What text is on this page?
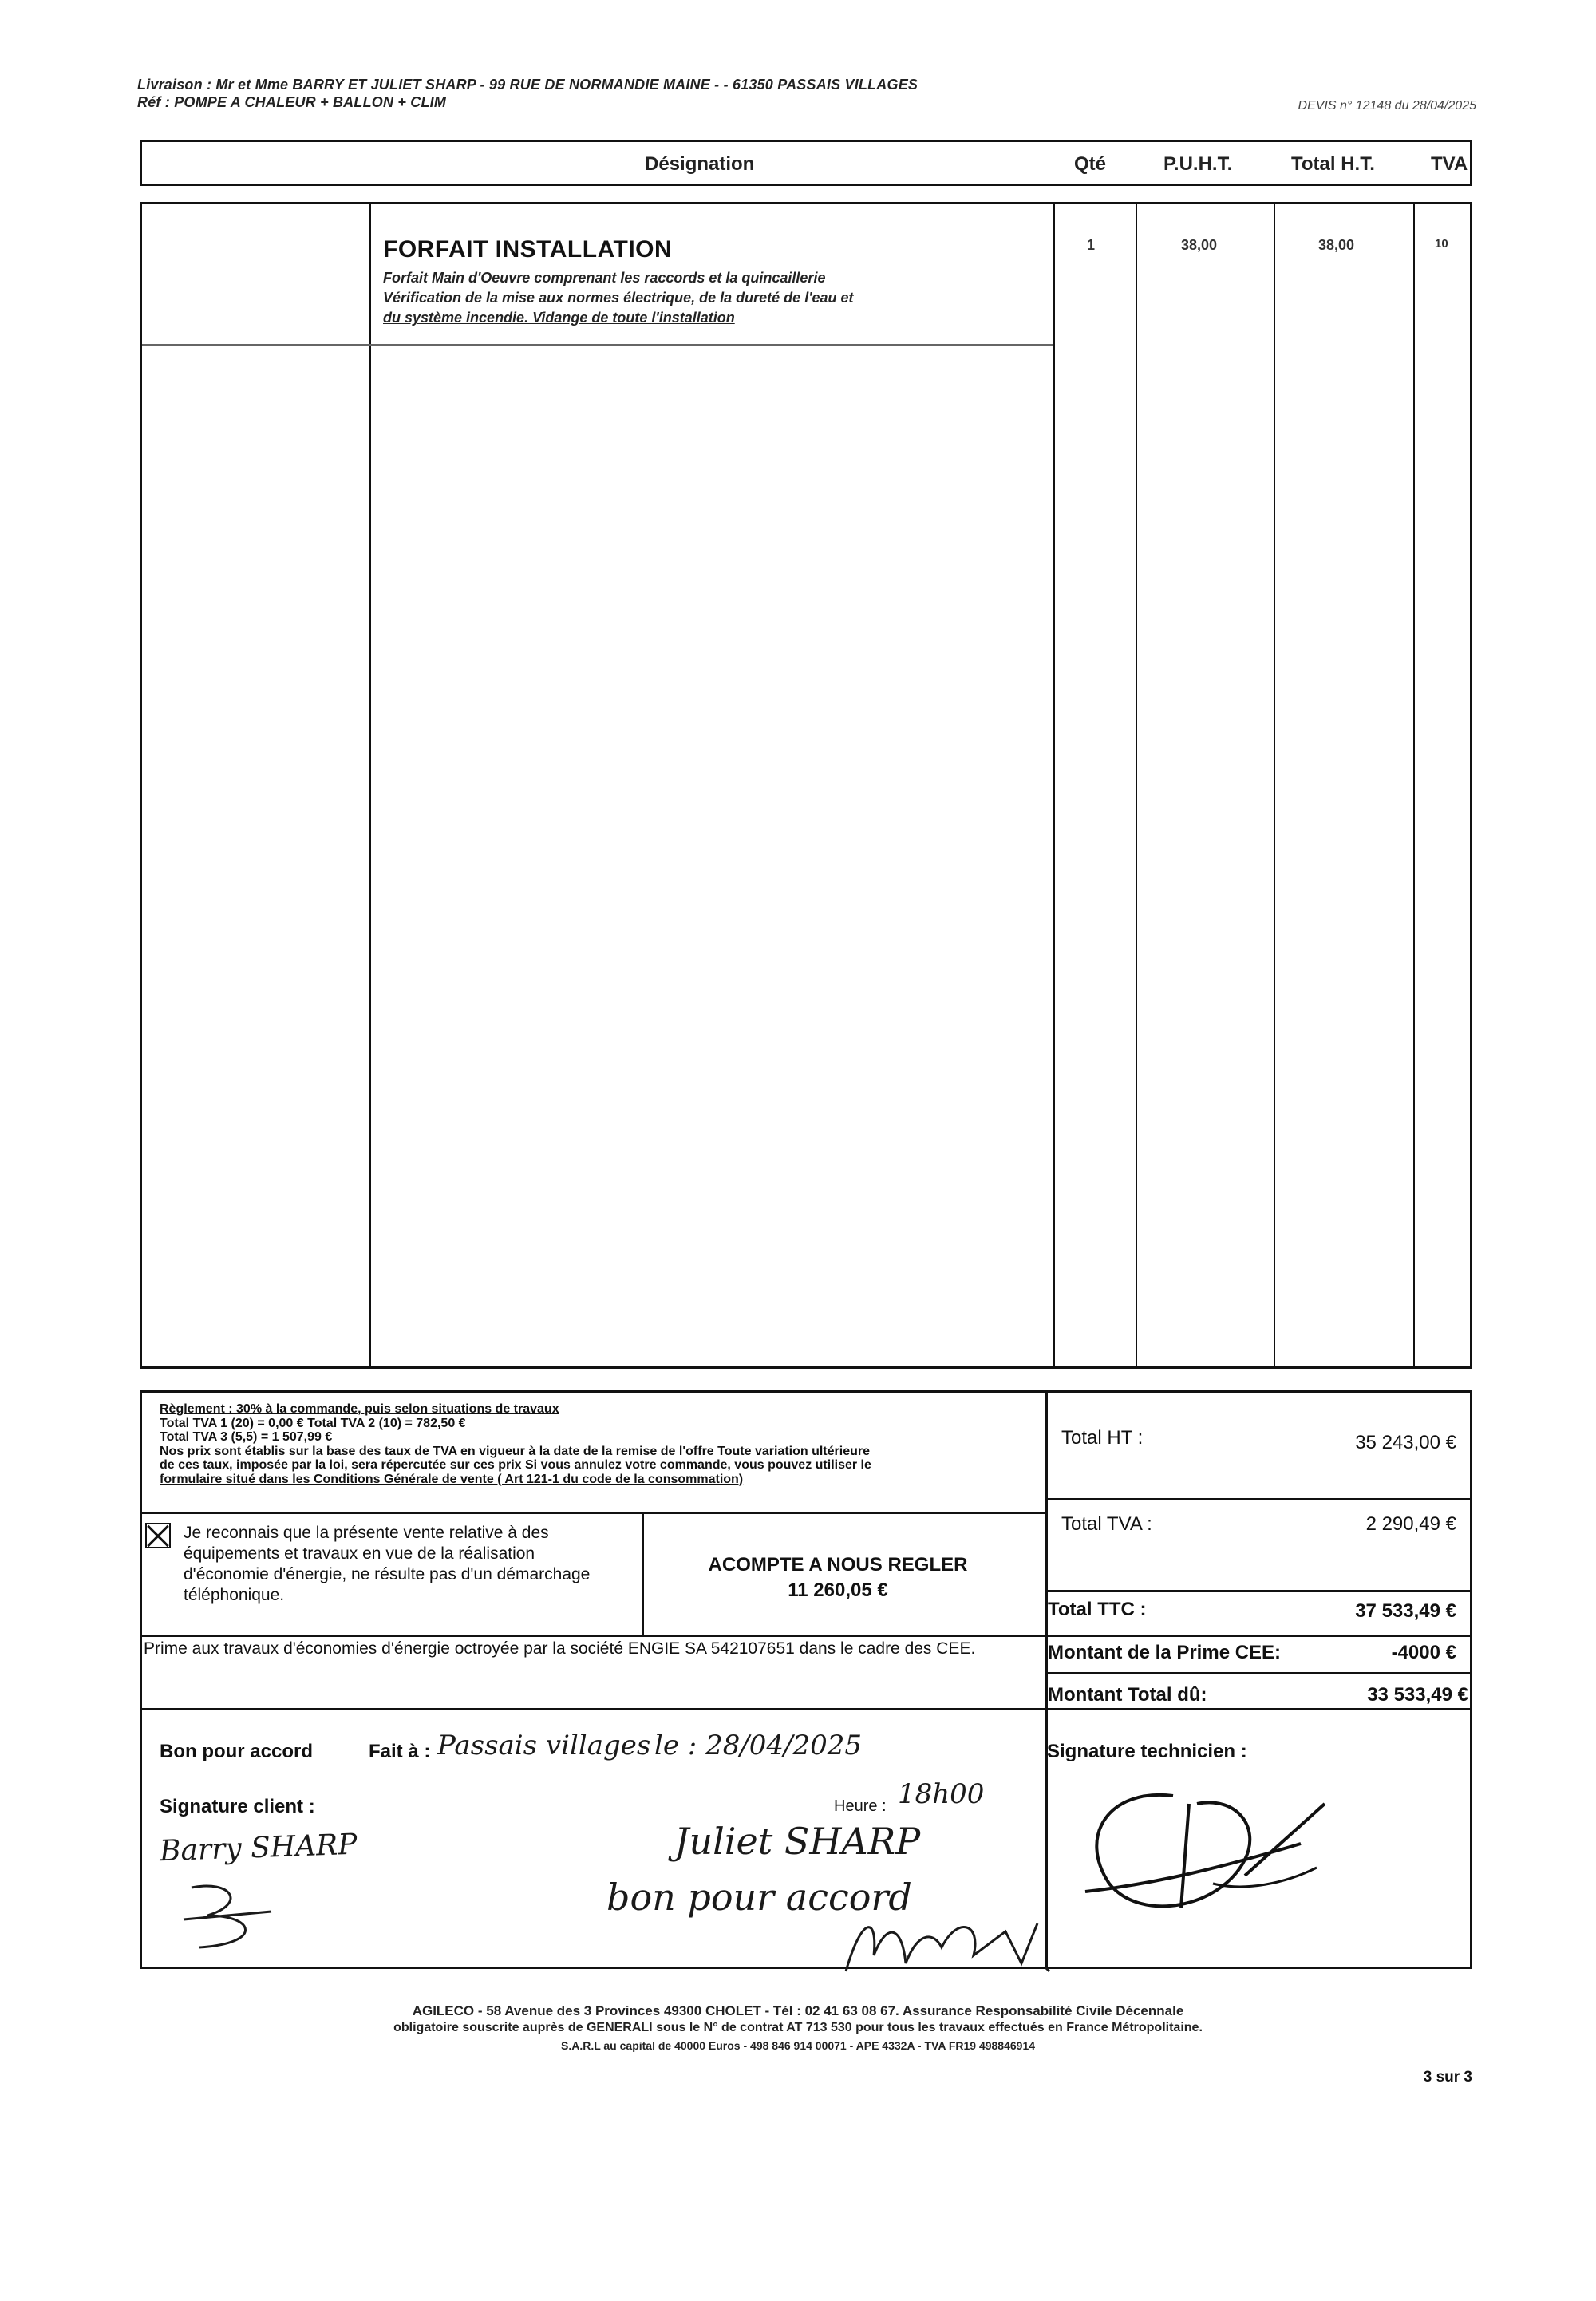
Livraison : Mr et Mme BARRY ET JULIET SHARP - 99 RUE DE NORMANDIE MAINE - - 61350 PASSAIS VILLAGES
Réf : POMPE A CHALEUR + BALLON + CLIM	DEVIS n° 12148 du 28/04/2025
Désignation	Qté	P.U.H.T.	Total H.T.	TVA
FORFAIT INSTALLATION
Forfait Main d'Oeuvre comprenant les raccords et la quincaillerie
Vérification de la mise aux normes électrique, de la dureté de l'eau et
du système incendie. Vidange de toute l'installation
1	38,00	38,00	10
Règlement : 30% à la commande, puis selon situations de travaux
Total TVA 1 (20) = 0,00 € Total TVA 2 (10) = 782,50 €
Total TVA 3 (5,5) = 1 507,99 €
Nos prix sont établis sur la base des taux de TVA en vigueur à la date de la remise de l'offre Toute variation ultérieure
de ces taux, imposée par la loi, sera répercutée sur ces prix Si vous annulez votre commande, vous pouvez utiliser le
formulaire situé dans les Conditions Générale de vente ( Art 121-1 du code de la consommation)
Je reconnais que la présente vente relative à des équipements et travaux en vue de la réalisation d'économie d'énergie, ne résulte pas d'un démarchage téléphonique.
ACOMPTE A NOUS REGLER
11 260,05 €
Total HT :	35 243,00 €
Total TVA :	2 290,49 €
Total TTC :	37 533,49 €
Montant de la Prime CEE:	-4000 €
Montant Total dû:	33 533,49 €
Prime aux travaux d'économies d'énergie octroyée par la société ENGIE SA 542107651 dans le cadre des CEE.
Bon pour accord	Fait à : Passais villages le : 28/04/2025
Signature client :	Heure : 18h00
Barry SHARP	Juliet SHARP
bon pour accord
Signature technicien :
AGILECO - 58 Avenue des 3 Provinces 49300 CHOLET - Tél : 02 41 63 08 67. Assurance Responsabilité Civile Décennale
obligatoire souscrite auprès de GENERALI sous le N° de contrat AT 713 530 pour tous les travaux effectués en France Métropolitaine.
S.A.R.L au capital de 40000 Euros - 498 846 914 00071 - APE 4332A - TVA FR19 498846914
3 sur 3
